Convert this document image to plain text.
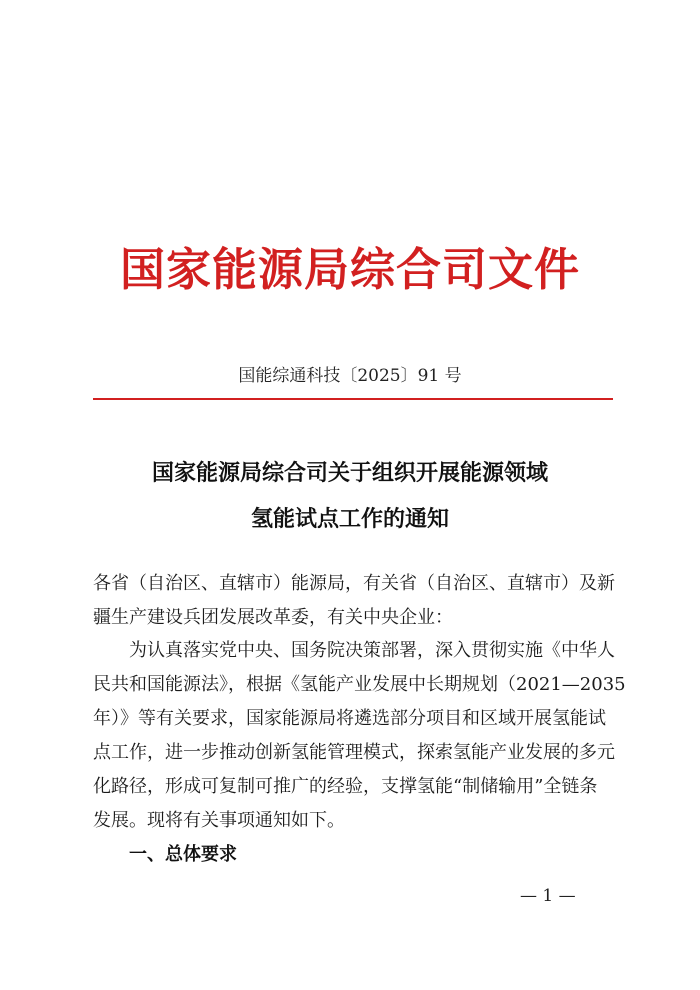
国家能源局综合司文件
国能综通科技〔2025〕91 号
国家能源局综合司关于组织开展能源领域
氢能试点工作的通知
各省（自治区、直辖市）能源局，有关省（自治区、直辖市）及新
疆生产建设兵团发展改革委，有关中央企业：
为认真落实党中央、国务院决策部署，深入贯彻实施《中华人
民共和国能源法》，根据《氢能产业发展中长期规划（2021—2035
年）》等有关要求，国家能源局将遴选部分项目和区域开展氢能试
点工作，进一步推动创新氢能管理模式，探索氢能产业发展的多元
化路径，形成可复制可推广的经验，支撑氢能“制储输用”全链条
发展。现将有关事项通知如下。
一、总体要求
— 1 —
